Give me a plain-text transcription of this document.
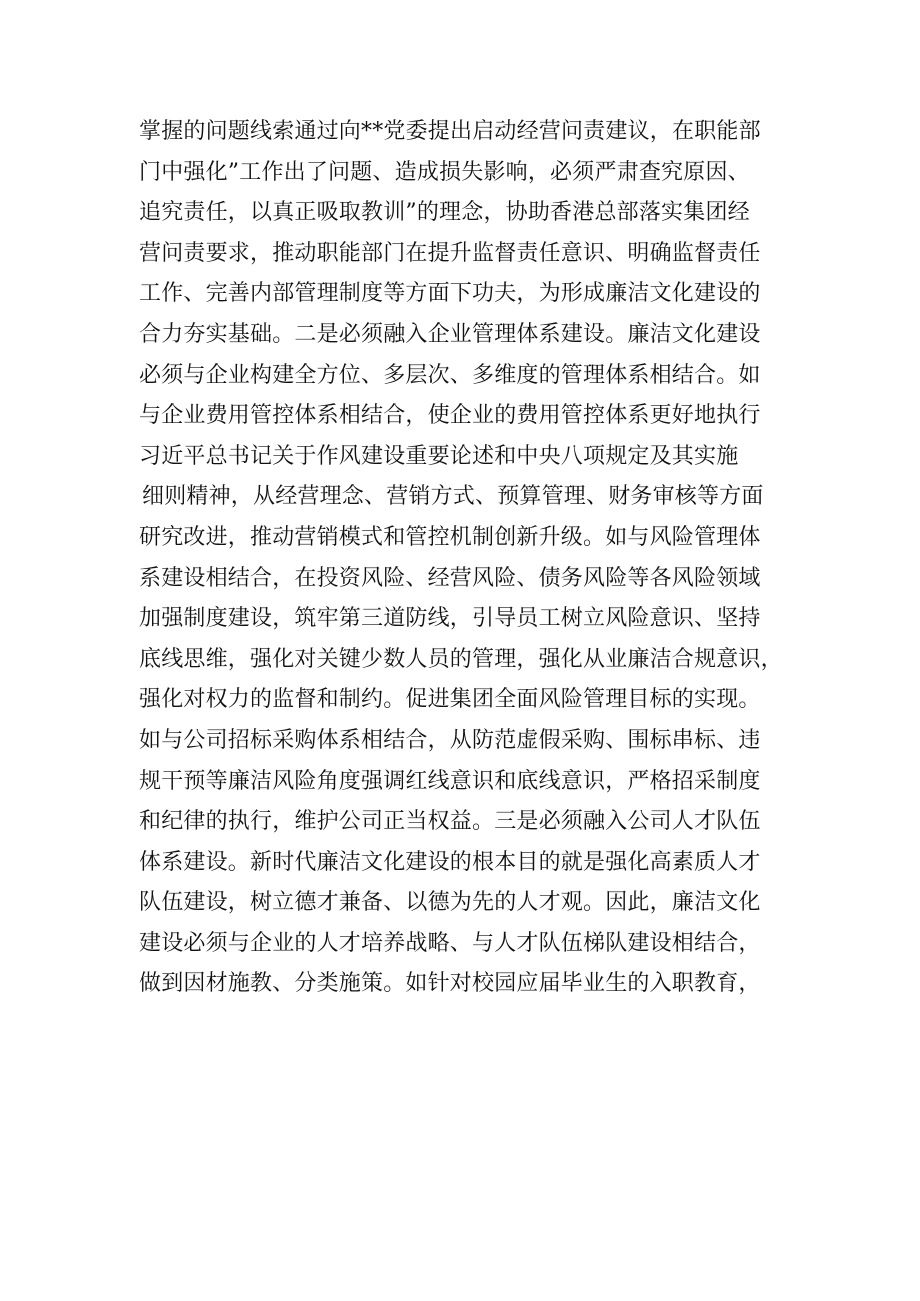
掌握的问题线索通过向**党委提出启动经营问责建议，在职能部
门中强化”工作出了问题、造成损失影响，必须严肃查究原因、
追究责任，以真正吸取教训”的理念，协助香港总部落实集团经
营问责要求，推动职能部门在提升监督责任意识、明确监督责任
工作、完善内部管理制度等方面下功夫，为形成廉洁文化建设的
合力夯实基础。二是必须融入企业管理体系建设。廉洁文化建设
必须与企业构建全方位、多层次、多维度的管理体系相结合。如
与企业费用管控体系相结合，使企业的费用管控体系更好地执行
习近平总书记关于作风建设重要论述和中央八项规定及其实施
细则精神，从经营理念、营销方式、预算管理、财务审核等方面
研究改进，推动营销模式和管控机制创新升级。如与风险管理体
系建设相结合，在投资风险、经营风险、债务风险等各风险领域
加强制度建设，筑牢第三道防线，引导员工树立风险意识、坚持
底线思维，强化对关键少数人员的管理，强化从业廉洁合规意识，
强化对权力的监督和制约。促进集团全面风险管理目标的实现。
如与公司招标采购体系相结合，从防范虚假采购、围标串标、违
规干预等廉洁风险角度强调红线意识和底线意识，严格招采制度
和纪律的执行，维护公司正当权益。三是必须融入公司人才队伍
体系建设。新时代廉洁文化建设的根本目的就是强化高素质人才
队伍建设，树立德才兼备、以德为先的人才观。因此，廉洁文化
建设必须与企业的人才培养战略、与人才队伍梯队建设相结合，
做到因材施教、分类施策。如针对校园应届毕业生的入职教育，
